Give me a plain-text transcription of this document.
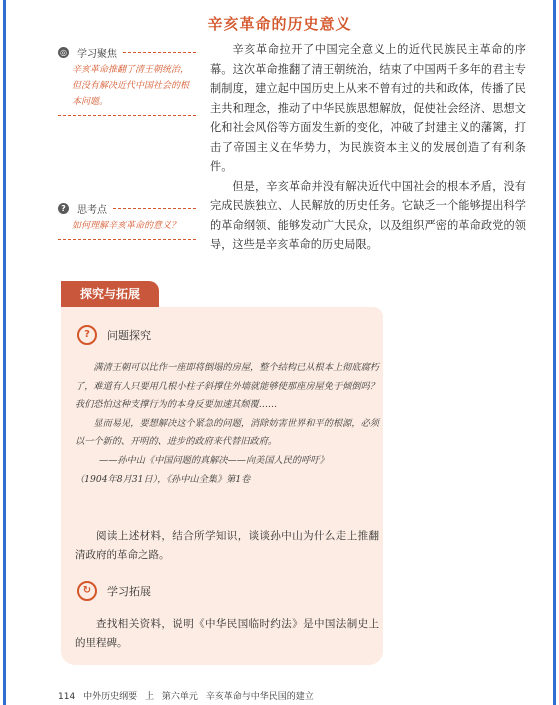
辛亥革命的历史意义
◎ 学习聚焦
辛亥革命推翻了清王朝统治，但没有解决近代中国社会的根本问题。
?	思考点
如何理解辛亥革命的意义？

辛亥革命拉开了中国完全意义上的近代民族民主革命的序幕。这次革命推翻了清王朝统治，结束了中国两千多年的君主专制制度，建立起中国历史上从来不曾有过的共和政体，传播了民主共和理念，推动了中华民族思想解放，促使社会经济、思想文化和社会风俗等方面发生新的变化，冲破了封建主义的藩篱，打击了帝国主义在华势力，为民族资本主义的发展创造了有利条件。

但是，辛亥革命并没有解决近代中国社会的根本矛盾，没有完成民族独立、人民解放的历史任务。它缺乏一个能够提出科学的革命纲领、能够发动广大民众，以及组织严密的革命政党的领导，这些是辛亥革命的历史局限。

探究与拓展
?	问题探究

满清王朝可以比作一座即将倒塌的房屋，整个结构已从根本上彻底腐朽了，难道有人只要用几根小柱子斜撑住外墙就能够使那座房屋免于倾倒吗？我们恐怕这种支撑行为的本身反要加速其颓覆……

显而易见，要想解决这个紧急的问题，消除妨害世界和平的根源，必须以一个新的、开明的、进步的政府来代替旧政府。

——孙中山《中国问题的真解决——向美国人民的呼吁》

（1904年8月31日），《孙中山全集》第1卷

阅读上述材料，结合所学知识，谈谈孙中山为什么走上推翻清政府的革命之路。

↻	学习拓展

查找相关资料，说明《中华民国临时约法》是中国法制史上的里程碑。

114 中外历史纲要 上 第六单元 辛亥革命与中华民国的建立
